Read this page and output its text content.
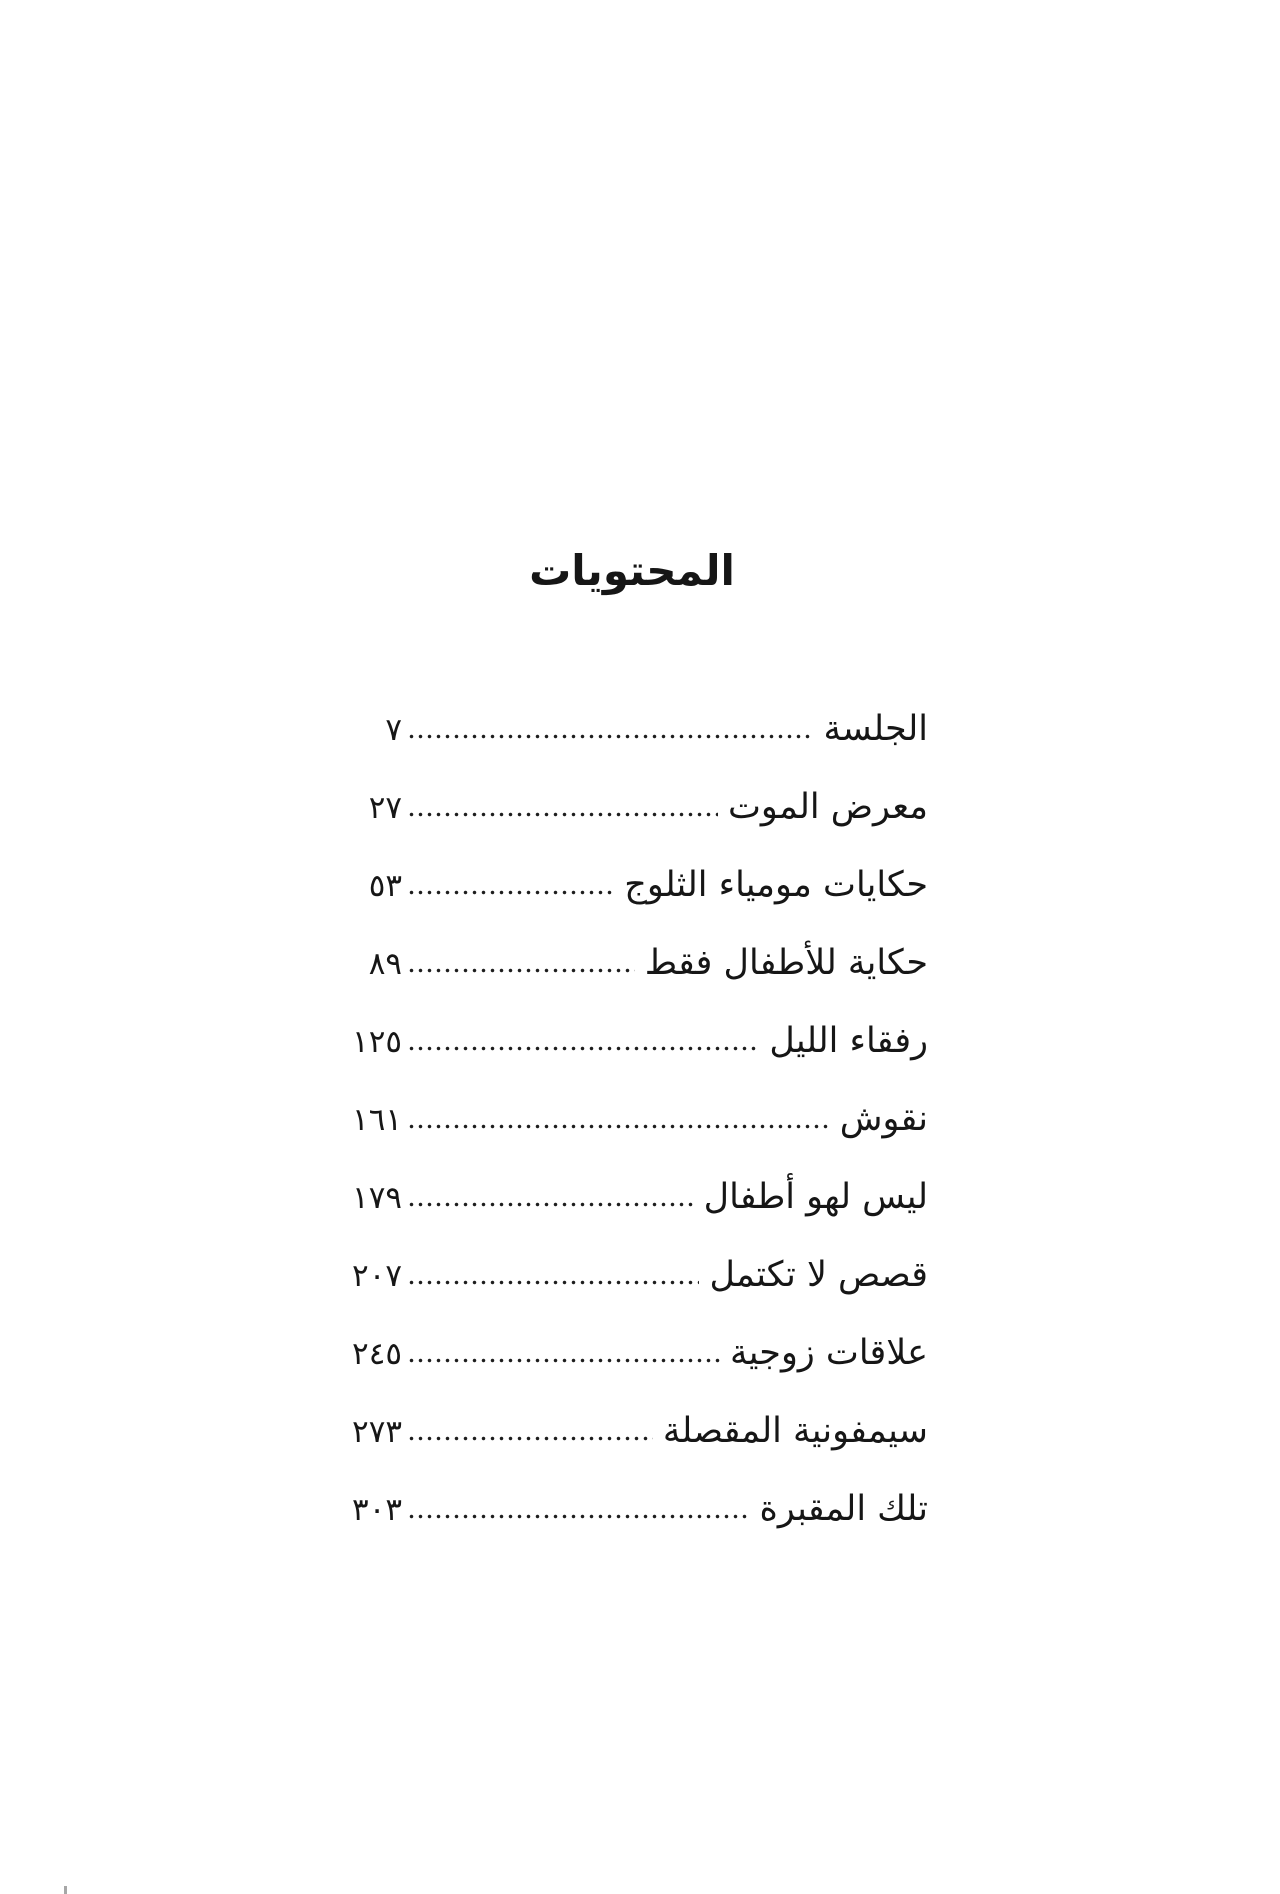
المحتويات
الجلسة
٧
معرض الموت
٢٧
حكايات مومياء الثلوج
٥٣
حكاية للأطفال فقط
٨٩
رفقاء الليل
١٢٥
نقوش
١٦١
ليس لهو أطفال
١٧٩
قصص لا تكتمل
٢٠٧
علاقات زوجية
٢٤٥
سيمفونية المقصلة
٢٧٣
تلك المقبرة
٣٠٣
